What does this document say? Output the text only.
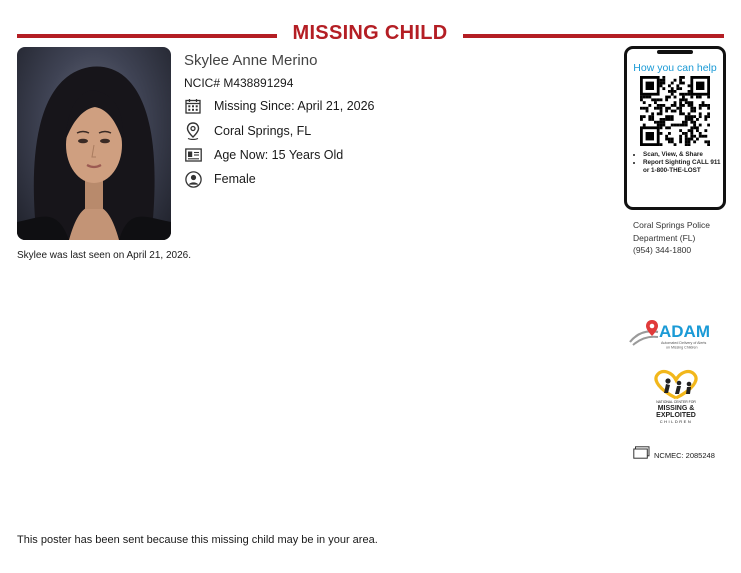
MISSING CHILD
Skylee Anne Merino
NCIC# M438891294
Missing Since: April 21, 2026
Coral Springs, FL
Age Now: 15 Years Old
Female
Skylee was last seen on April 21, 2026.
How you can help
• Scan, View, & Share
• Report Sighting CALL 911 or 1-800-THE-LOST
Coral Springs Police
Department (FL)
(954) 344-1800
ADAM
Automated Delivery of Alerts
on Missing Children
NATIONAL CENTER FOR
MISSING &
EXPLOITED
CHILDREN
NCMEC: 2085248
This poster has been sent because this missing child may be in your area.
